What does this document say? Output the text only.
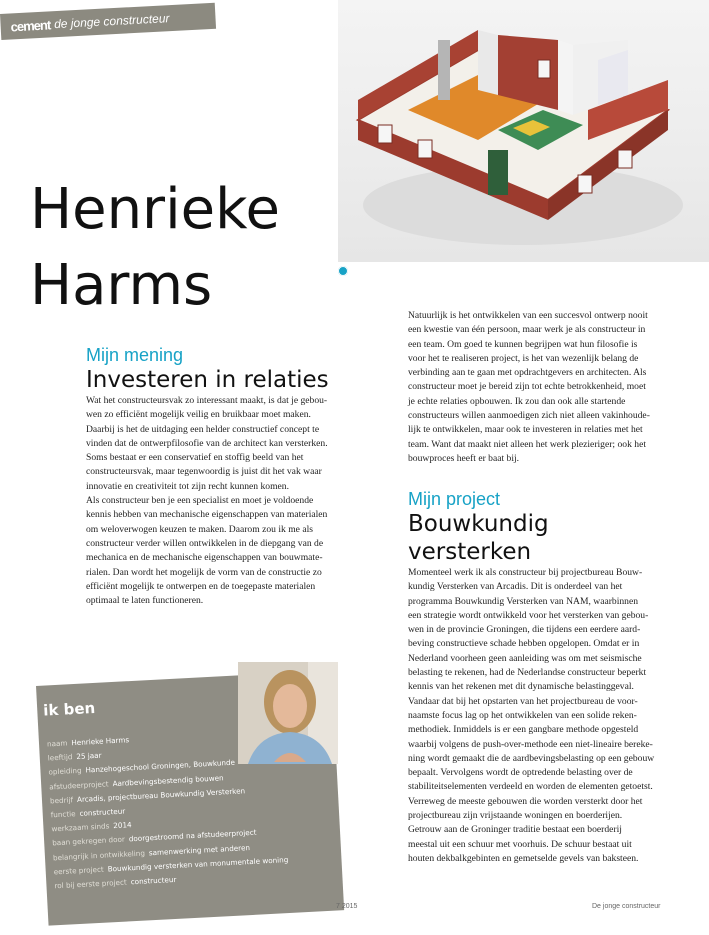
cement de jonge constructeur
Henrieke
Harms
Mijn mening
Investeren in relaties

Wat het constructeursvak zo interessant maakt, is dat je gebou-

wen zo efficiënt mogelijk veilig en bruikbaar moet maken.

Daarbij is het de uitdaging een helder constructief concept te

vinden dat de ontwerpfilosofie van de architect kan versterken.

Soms bestaat er een conservatief en stoffig beeld van het

constructeursvak, maar tegenwoordig is juist dit het vak waar

innovatie en creativiteit tot zijn recht kunnen komen.

Als constructeur ben je een specialist en moet je voldoende

kennis hebben van mechanische eigenschappen van materialen

om weloverwogen keuzen te maken. Daarom zou ik me als

constructeur verder willen ontwikkelen in de diepgang van de

mechanica en de mechanische eigenschappen van bouwmate-

rialen. Dan wordt het mogelijk de vorm van de constructie zo

efficiënt mogelijk te ontwerpen en de toegepaste materialen

optimaal te laten functioneren.

Natuurlijk is het ontwikkelen van een succesvol ontwerp nooit

een kwestie van één persoon, maar werk je als constructeur in

een team. Om goed te kunnen begrijpen wat hun filosofie is

voor het te realiseren project, is het van wezenlijk belang de

verbinding aan te gaan met opdrachtgevers en architecten. Als

constructeur moet je bereid zijn tot echte betrokkenheid, moet

je echte relaties opbouwen. Ik zou dan ook alle startende

constructeurs willen aanmoedigen zich niet alleen vakinhoude-

lijk te ontwikkelen, maar ook te investeren in relaties met het

team. Want dat maakt niet alleen het werk plezieriger; ook het

bouwproces heeft er baat bij.

Mijn project
Bouwkundig
versterken

Momenteel werk ik als constructeur bij projectbureau Bouw-

kundig Versterken van Arcadis. Dit is onderdeel van het

programma Bouwkundig Versterken van NAM, waarbinnen

een strategie wordt ontwikkeld voor het versterken van gebou-

wen in de provincie Groningen, die tijdens een eerdere aard-

beving constructieve schade hebben opgelopen. Omdat er in

Nederland voorheen geen aanleiding was om met seismische

belasting te rekenen, had de Nederlandse constructeur beperkt

kennis van het rekenen met dit dynamische belastinggeval.

Vandaar dat bij het opstarten van het projectbureau de voor-

naamste focus lag op het ontwikkelen van een solide reken-

methodiek. Inmiddels is er een gangbare methode opgesteld

waarbij volgens de push-over-methode een niet-lineaire bereke-

ning wordt gemaakt die de aardbevingsbelasting op een gebouw

bepaalt. Vervolgens wordt de optredende belasting over de

stabiliteitselementen verdeeld en worden de elementen getoetst.

Verreweg de meeste gebouwen die worden versterkt door het

projectbureau zijn vrijstaande woningen en boerderijen.

Getrouw aan de Groninger traditie bestaat een boerderij

meestal uit een schuur met voorhuis. De schuur bestaat uit

houten dekbalkgebinten en gemetselde gevels van baksteen.

ik ben
naam Henrieke Harms
leeftijd 25 jaar
opleiding Hanzehogeschool Groningen, Bouwkunde
afstudeerproject Aardbevingsbestendig bouwen
bedrijf Arcadis, projectbureau Bouwkundig Versterken
functie constructeur
werkzaam sinds 2014
baan gekregen door doorgestroomd na afstudeerproject
belangrijk in ontwikkeling samenwerking met anderen
eerste project Bouwkundig versterken van monumentale woning
rol bij eerste project constructeur
7 2015	De jonge constructeur
